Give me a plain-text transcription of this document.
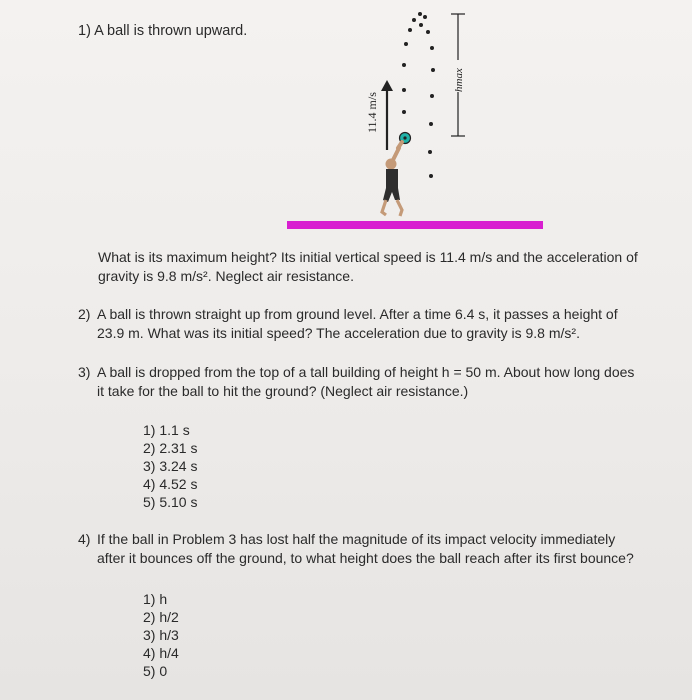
1) A ball is thrown upward.

hmax
11.4 m/s
What is its maximum height? Its initial vertical speed is 11.4 m/s and the acceleration of
gravity is 9.8 m/s². Neglect air resistance.
2) A ball is thrown straight up from ground level. After a time 6.4 s, it passes a height of
23.9 m. What was its initial speed? The acceleration due to gravity is 9.8 m/s².
3) A ball is dropped from the top of a tall building of height h = 50 m. About how long does
it take for the ball to hit the ground? (Neglect air resistance.)
1) 1.1 s
2) 2.31 s
3) 3.24 s
4) 4.52 s
5) 5.10 s
4) If the ball in Problem 3 has lost half the magnitude of its impact velocity immediately
after it bounces off the ground, to what height does the ball reach after its first bounce?
1) h
2) h/2
3) h/3
4) h/4
5) 0
